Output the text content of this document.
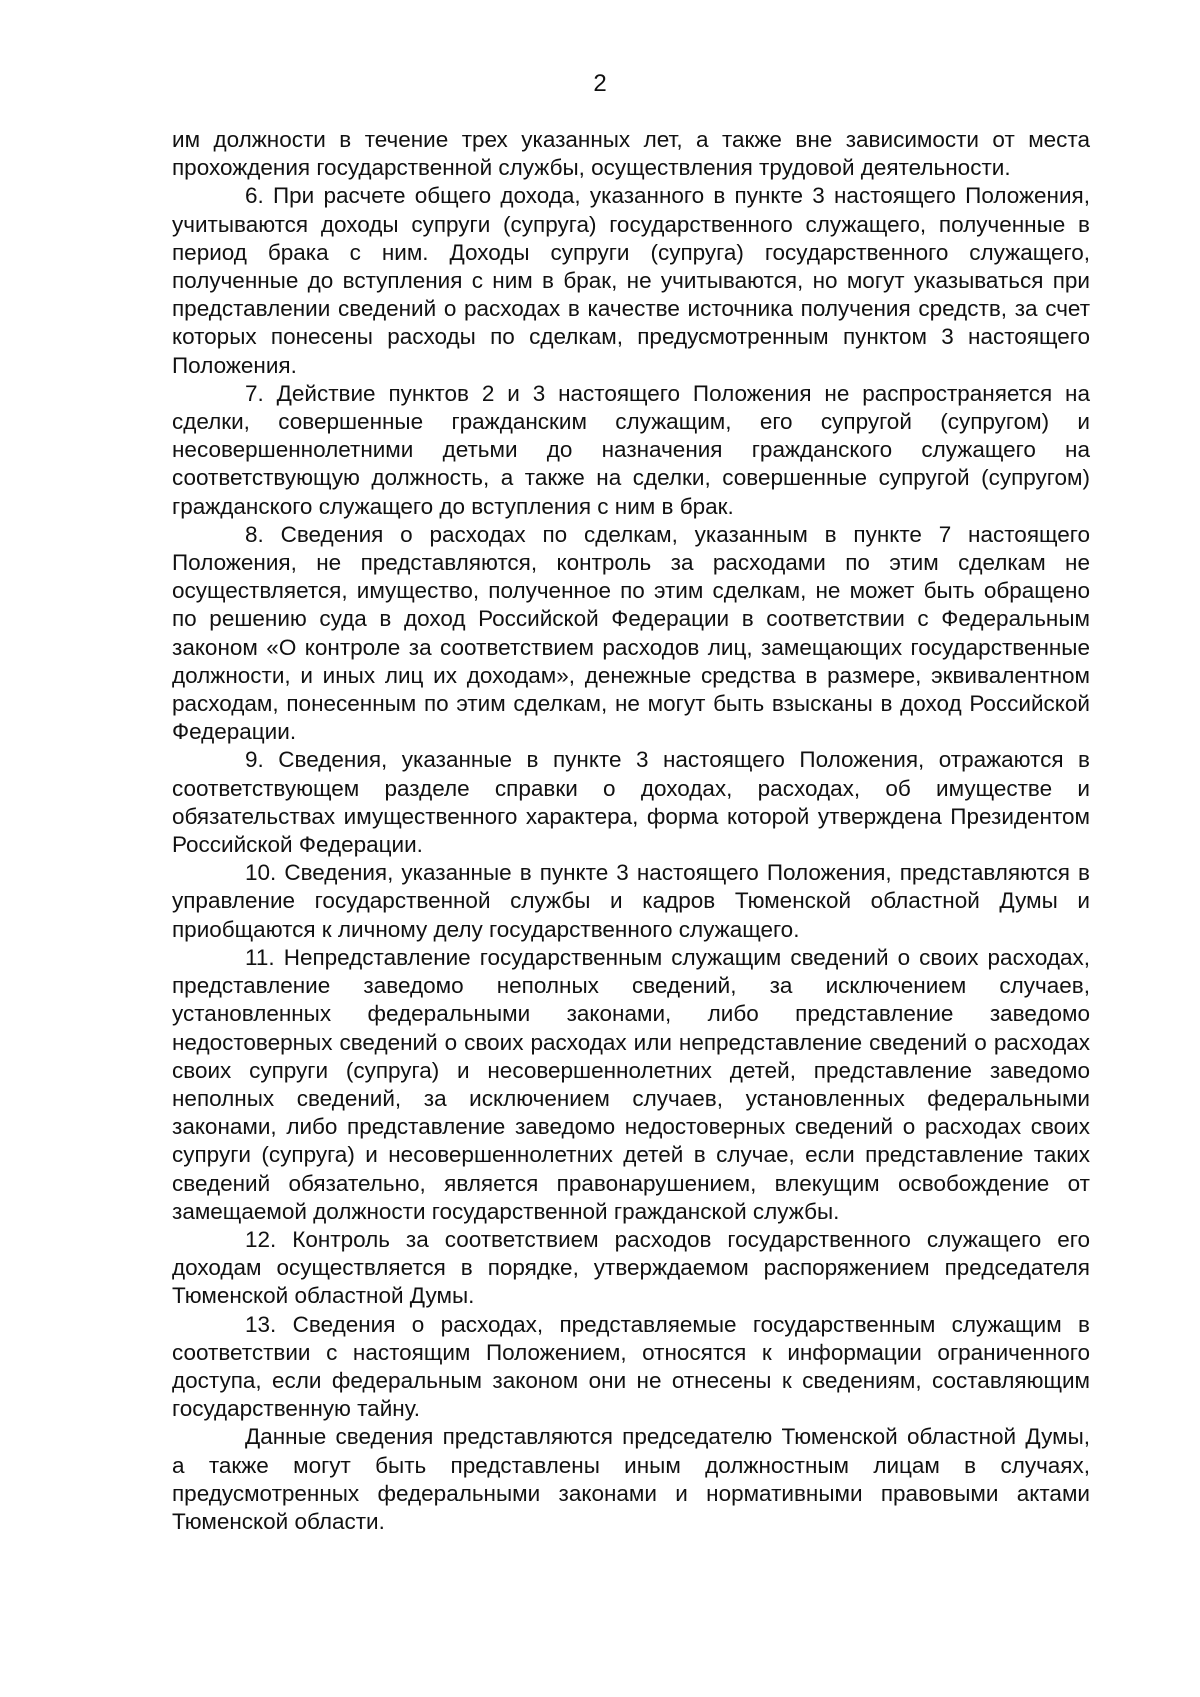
2

им должности в течение трех указанных лет, а также вне зависимости от места прохождения государственной службы, осуществления трудовой деятельности.

6. При расчете общего дохода, указанного в пункте 3 настоящего Положения, учитываются доходы супруги (супруга) государственного служащего, полученные в период брака с ним. Доходы супруги (супруга) государственного служащего, полученные до вступления с ним в брак, не учитываются, но могут указываться при представлении сведений о расходах в качестве источника получения средств, за счет которых понесены расходы по сделкам, предусмотренным пунктом 3 настоящего Положения.

7. Действие пунктов 2 и 3 настоящего Положения не распространяется на сделки, совершенные гражданским служащим, его супругой (супругом) и несовершеннолетними детьми до назначения гражданского служащего на соответствующую должность, а также на сделки, совершенные супругой (супругом) гражданского служащего до вступления с ним в брак.

8. Сведения о расходах по сделкам, указанным в пункте 7 настоящего Положения, не представляются, контроль за расходами по этим сделкам не осуществляется, имущество, полученное по этим сделкам, не может быть обращено по решению суда в доход Российской Федерации в соответствии с Федеральным законом «О контроле за соответствием расходов лиц, замещающих государственные должности, и иных лиц их доходам», денежные средства в размере, эквивалентном расходам, понесенным по этим сделкам, не могут быть взысканы в доход Российской Федерации.

9. Сведения, указанные в пункте 3 настоящего Положения, отражаются в соответствующем разделе справки о доходах, расходах, об имуществе и обязательствах имущественного характера, форма которой утверждена Президентом Российской Федерации.

10. Сведения, указанные в пункте 3 настоящего Положения, представляются в управление государственной службы и кадров Тюменской областной Думы и приобщаются к личному делу государственного служащего.

11. Непредставление государственным служащим сведений о своих расходах, представление заведомо неполных сведений, за исключением случаев, установленных федеральными законами, либо представление заведомо недостоверных сведений о своих расходах или непредставление сведений о расходах своих супруги (супруга) и несовершеннолетних детей, представление заведомо неполных сведений, за исключением случаев, установленных федеральными законами, либо представление заведомо недостоверных сведений о расходах своих супруги (супруга) и несовершеннолетних детей в случае, если представление таких сведений обязательно, является правонарушением, влекущим освобождение от замещаемой должности государственной гражданской службы.

12. Контроль за соответствием расходов государственного служащего его доходам осуществляется в порядке, утверждаемом распоряжением председателя Тюменской областной Думы.

13. Сведения о расходах, представляемые государственным служащим в соответствии с настоящим Положением, относятся к информации ограниченного доступа, если федеральным законом они не отнесены к сведениям, составляющим государственную тайну.

Данные сведения представляются председателю Тюменской областной Думы, а также могут быть представлены иным должностным лицам в случаях, предусмотренных федеральными законами и нормативными правовыми актами Тюменской области.
